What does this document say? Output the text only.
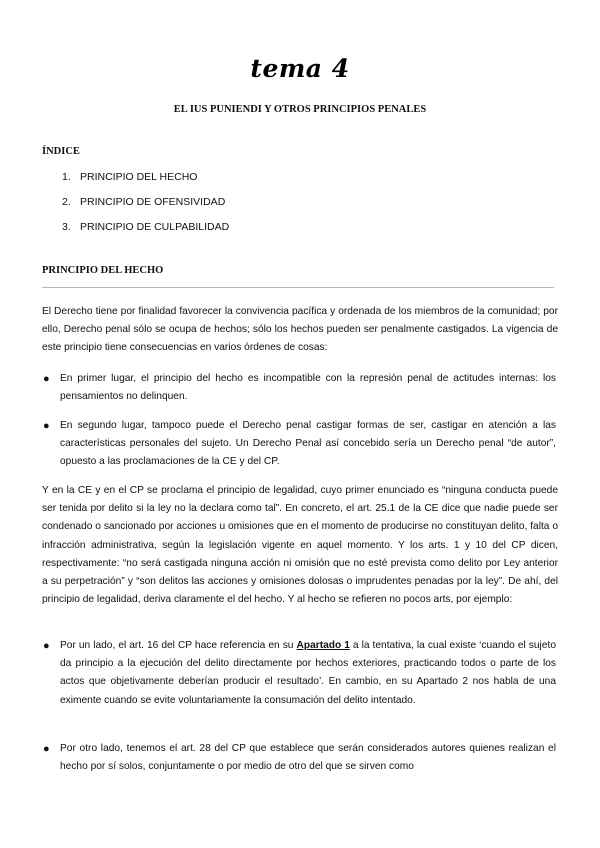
tema 4
EL IUS PUNIENDI Y OTROS PRINCIPIOS PENALES
ÍNDICE
1. PRINCIPIO DEL HECHO
2. PRINCIPIO DE OFENSIVIDAD
3. PRINCIPIO DE CULPABILIDAD
PRINCIPIO DEL HECHO

El Derecho tiene por finalidad favorecer la convivencia pacífica y ordenada de los miembros de la comunidad; por ello, Derecho penal sólo se ocupa de hechos; sólo los hechos pueden ser penalmente castigados. La vigencia de este principio tiene consecuencias en varios órdenes de cosas:

● En primer lugar, el principio del hecho es incompatible con la represión penal de actitudes internas: los pensamientos no delinquen.

● En segundo lugar, tampoco puede el Derecho penal castigar formas de ser, castigar en atención a las características personales del sujeto. Un Derecho Penal así concebido sería un Derecho penal “de autor”, opuesto a las proclamaciones de la CE y del CP.

Y en la CE y en el CP se proclama el principio de legalidad, cuyo primer enunciado es “ninguna conducta puede ser tenida por delito si la ley no la declara como tal”. En concreto, el art. 25.1 de la CE dice que nadie puede ser condenado o sancionado por acciones u omisiones que en el momento de producirse no constituyan delito, falta o infracción administrativa, según la legislación vigente en aquel momento. Y los arts. 1 y 10 del CP dicen, respectivamente: “no será castigada ninguna acción ni omisión que no esté prevista como delito por Ley anterior a su perpetración” y “son delitos las acciones y omisiones dolosas o imprudentes penadas por la ley”. De ahí, del principio de legalidad, deriva claramente el del hecho. Y al hecho se refieren no pocos arts, por ejemplo:

● Por un lado, el art. 16 del CP hace referencia en su Apartado 1 a la tentativa, la cual existe ‘cuando el sujeto da principio a la ejecución del delito directamente por hechos exteriores, practicando todos o parte de los actos que objetivamente deberían producir el resultado’. En cambio, en su Apartado 2 nos habla de una eximente cuando se evite voluntariamente la consumación del delito intentado.

● Por otro lado, tenemos el art. 28 del CP que establece que serán considerados autores quienes realizan el hecho por sí solos, conjuntamente o por medio de otro del que se sirven como
